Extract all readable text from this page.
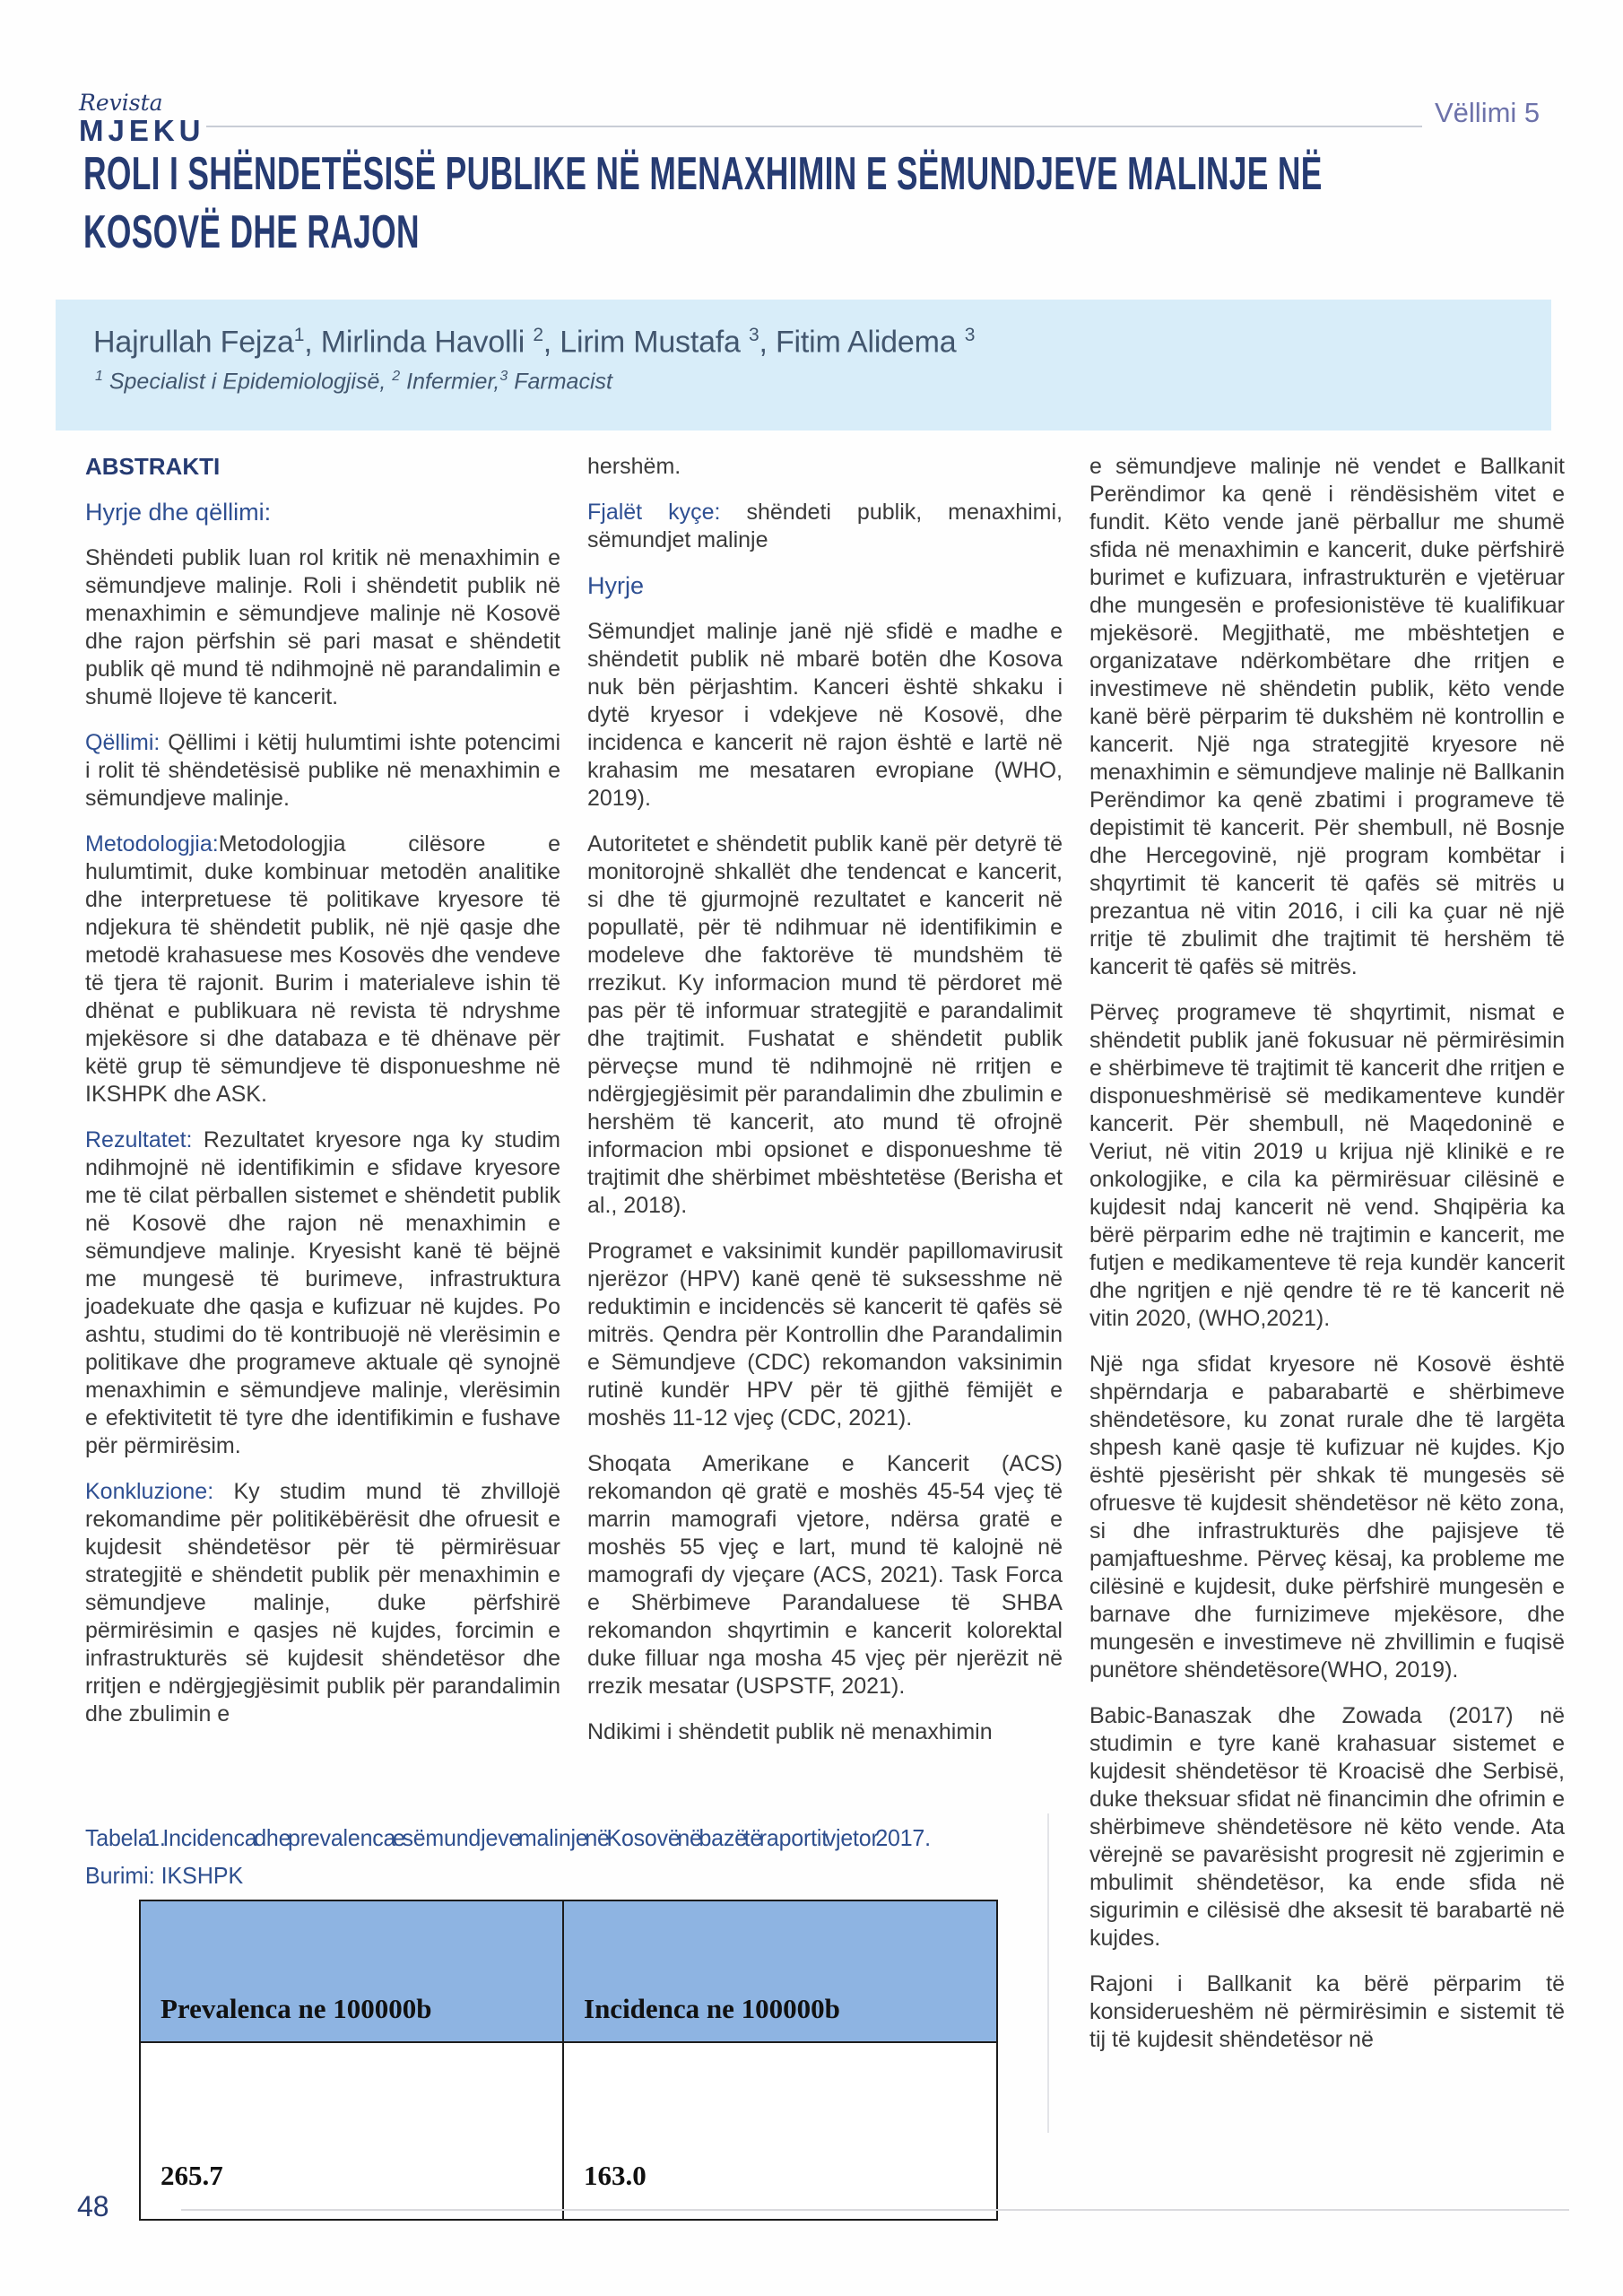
Revista
MJEKU
Vëllimi 5
ROLI I SHËNDETËSISË PUBLIKE NË MENAXHIMIN E SËMUNDJEVE MALINJE NË
KOSOVË DHE RAJON

Hajrullah Fejza$^1$, Mirlinda Havolli $^2$, Lirim Mustafa $^3$, Fitim Alidema $^3$

$^1$ Specialist i Epidemiologjisë, $^2$ Infermier,$^3$ Farmacist

ABSTRAKTI
Hyrje dhe qëllimi:

Shëndeti publik luan rol kritik në menaxhimin e sëmundjeve malinje. Roli i shëndetit publik në menaxhimin e sëmundjeve malinje në Kosovë dhe rajon përfshin së pari masat e shëndetit publik që mund të ndihmojnë në parandalimin e shumë llojeve të kancerit.

Qëllimi: Qëllimi i këtij hulumtimi ishte potencimi i rolit të shëndetësisë publike në menaxhimin e sëmundjeve malinje.

Metodologjia:Metodologjia cilësore e hulumtimit, duke kombinuar metodën analitike dhe interpretuese të politikave kryesore të ndjekura të shëndetit publik, në një qasje dhe metodë krahasuese mes Kosovës dhe vendeve të tjera të rajonit. Burim i materialeve ishin të dhënat e publikuara në revista të ndryshme mjekësore si dhe databaza e të dhënave për këtë grup të sëmundjeve të disponueshme në IKSHPK dhe ASK.

Rezultatet: Rezultatet kryesore nga ky studim ndihmojnë në identifikimin e sfidave kryesore me të cilat përballen sistemet e shëndetit publik në Kosovë dhe rajon në menaxhimin e sëmundjeve malinje. Kryesisht kanë të bëjnë me mungesë të burimeve, infrastruktura joadekuate dhe qasja e kufizuar në kujdes. Po ashtu, studimi do të kontribuojë në vlerësimin e politikave dhe programeve aktuale që synojnë menaxhimin e sëmundjeve malinje, vlerësimin e efektivitetit të tyre dhe identifikimin e fushave për përmirësim.

Konkluzione: Ky studim mund të zhvillojë rekomandime për politikëbërësit dhe ofruesit e kujdesit shëndetësor për të përmirësuar strategjitë e shëndetit publik për menaxhimin e sëmundjeve malinje, duke përfshirë përmirësimin e qasjes në kujdes, forcimin e infrastrukturës së kujdesit shëndetësor dhe rritjen e ndërgjegjësimit publik për parandalimin dhe zbulimin e

hershëm.

Fjalët kyçe: shëndeti publik, menaxhimi, sëmundjet malinje

Hyrje

Sëmundjet malinje janë një sfidë e madhe e shëndetit publik në mbarë botën dhe Kosova nuk bën përjashtim. Kanceri është shkaku i dytë kryesor i vdekjeve në Kosovë, dhe incidenca e kancerit në rajon është e lartë në krahasim me mesataren evropiane (WHO, 2019).

Autoritetet e shëndetit publik kanë për detyrë të monitorojnë shkallët dhe tendencat e kancerit, si dhe të gjurmojnë rezultatet e kancerit në popullatë, për të ndihmuar në identifikimin e modeleve dhe faktorëve të mundshëm të rrezikut. Ky informacion mund të përdoret më pas për të informuar strategjitë e parandalimit dhe trajtimit. Fushatat e shëndetit publik përveçse mund të ndihmojnë në rritjen e ndërgjegjësimit për parandalimin dhe zbulimin e hershëm të kancerit, ato mund të ofrojnë informacion mbi opsionet e disponueshme të trajtimit dhe shërbimet mbështetëse (Berisha et al., 2018).

Programet e vaksinimit kundër papillomavirusit njerëzor (HPV) kanë qenë të suksesshme në reduktimin e incidencës së kancerit të qafës së mitrës. Qendra për Kontrollin dhe Parandalimin e Sëmundjeve (CDC) rekomandon vaksinimin rutinë kundër HPV për të gjithë fëmijët e moshës 11-12 vjeç (CDC, 2021).

Shoqata Amerikane e Kancerit (ACS) rekomandon që gratë e moshës 45-54 vjeç të marrin mamografi vjetore, ndërsa gratë e moshës 55 vjeç e lart, mund të kalojnë në mamografi dy vjeçare (ACS, 2021). Task Forca e Shërbimeve Parandaluese të SHBA rekomandon shqyrtimin e kancerit kolorektal duke filluar nga mosha 45 vjeç për njerëzit në rrezik mesatar (USPSTF, 2021).

Ndikimi i shëndetit publik në menaxhimin

e sëmundjeve malinje në vendet e Ballkanit Perëndimor ka qenë i rëndësishëm vitet e fundit. Këto vende janë përballur me shumë sfida në menaxhimin e kancerit, duke përfshirë burimet e kufizuara, infrastrukturën e vjetëruar dhe mungesën e profesionistëve të kualifikuar mjekësorë. Megjithatë, me mbështetjen e organizatave ndërkombëtare dhe rritjen e investimeve në shëndetin publik, këto vende kanë bërë përparim të dukshëm në kontrollin e kancerit. Një nga strategjitë kryesore në menaxhimin e sëmundjeve malinje në Ballkanin Perëndimor ka qenë zbatimi i programeve të depistimit të kancerit. Për shembull, në Bosnje dhe Hercegovinë, një program kombëtar i shqyrtimit të kancerit të qafës së mitrës u prezantua në vitin 2016, i cili ka çuar në një rritje të zbulimit dhe trajtimit të hershëm të kancerit të qafës së mitrës.

Përveç programeve të shqyrtimit, nismat e shëndetit publik janë fokusuar në përmirësimin e shërbimeve të trajtimit të kancerit dhe rritjen e disponueshmërisë së medikamenteve kundër kancerit. Për shembull, në Maqedoninë e Veriut, në vitin 2019 u krijua një klinikë e re onkologjike, e cila ka përmirësuar cilësinë e kujdesit ndaj kancerit në vend. Shqipëria ka bërë përparim edhe në trajtimin e kancerit, me futjen e medikamenteve të reja kundër kancerit dhe ngritjen e një qendre të re të kancerit në vitin 2020, (WHO,2021).

Një nga sfidat kryesore në Kosovë është shpërndarja e pabarabartë e shërbimeve shëndetësore, ku zonat rurale dhe të largëta shpesh kanë qasje të kufizuar në kujdes. Kjo është pjesërisht për shkak të mungesës së ofruesve të kujdesit shëndetësor në këto zona, si dhe infrastrukturës dhe pajisjeve të pamjaftueshme. Përveç kësaj, ka probleme me cilësinë e kujdesit, duke përfshirë mungesën e barnave dhe furnizimeve mjekësore, dhe mungesën e investimeve në zhvillimin e fuqisë punëtore shëndetësore(WHO, 2019).

Babic-Banaszak dhe Zowada (2017) në studimin e tyre kanë krahasuar sistemet e kujdesit shëndetësor të Kroacisë dhe Serbisë, duke theksuar sfidat në financimin dhe ofrimin e shërbimeve shëndetësore në këto vende. Ata vërejnë se pavarësisht progresit në zgjerimin e mbulimit shëndetësor, ka ende sfida në sigurimin e cilësisë dhe aksesit të barabartë në kujdes.

Rajoni i Ballkanit ka bërë përparim të konsiderueshëm në përmirësimin e sistemit të tij të kujdesit shëndetësor në

Tabela 1. Incidenca dhe prevalenca e sëmundjeve malinje në Kosovë në bazë të raportit vjetor 2017.
Burimi: IKSHPK
Prevalenca ne 100000b	Incidenca ne 100000b
265.7	163.0
48
